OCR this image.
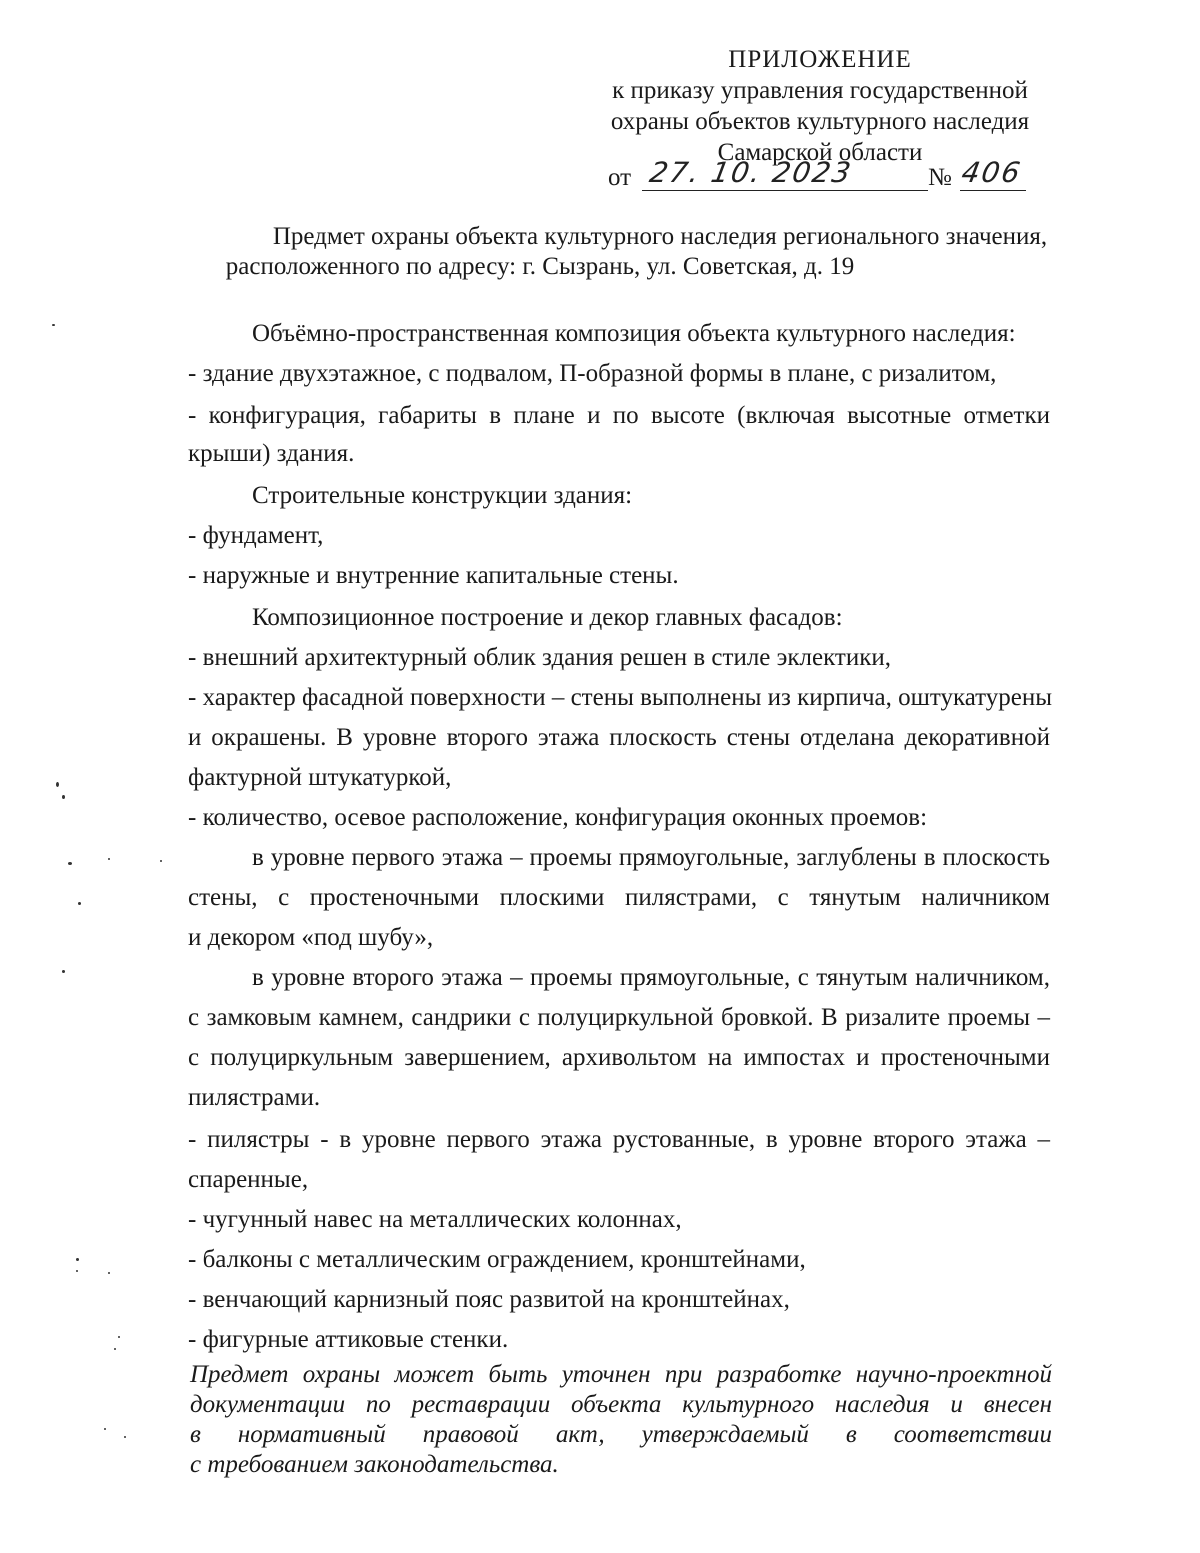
ПРИЛОЖЕНИЕ
к приказу управления государственной
охраны объектов культурного наследия
Самарской области
от 27. 10. 2023	№ 406
Предмет охраны объекта культурного наследия регионального значения,
расположенного по адресу: г. Сызрань, ул. Советская, д. 19
Объёмно-пространственная композиция объекта культурного наследия:
- здание двухэтажное, с подвалом, П-образной формы в плане, с ризалитом,
- конфигурация, габариты в плане и по высоте (включая высотные отметки
крыши) здания.
Строительные конструкции здания:
- фундамент,
- наружные и внутренние капитальные стены.
Композиционное построение и декор главных фасадов:
- внешний архитектурный облик здания решен в стиле эклектики,
- характер фасадной поверхности – стены выполнены из кирпича, оштукатурены
и окрашены. В уровне второго этажа плоскость стены отделана декоративной
фактурной штукатуркой,
- количество, осевое расположение, конфигурация оконных проемов:
в уровне первого этажа – проемы прямоугольные, заглублены в плоскость
стены, с простеночными плоскими пилястрами, с тянутым наличником
и декором «под шубу»,
в уровне второго этажа – проемы прямоугольные, с тянутым наличником,
с замковым камнем, сандрики с полуциркульной бровкой. В ризалите проемы –
с полуциркульным завершением, архивольтом на импостах и простеночными
пилястрами.
- пилястры - в уровне первого этажа рустованные, в уровне второго этажа –
спаренные,
- чугунный навес на металлических колоннах,
- балконы с металлическим ограждением, кронштейнами,
- венчающий карнизный пояс развитой на кронштейнах,
- фигурные аттиковые стенки.
Предмет охраны может быть уточнен при разработке научно-проектной
документации по реставрации объекта культурного наследия и внесен
в нормативный правовой акт, утверждаемый в соответствии
с требованием законодательства.
